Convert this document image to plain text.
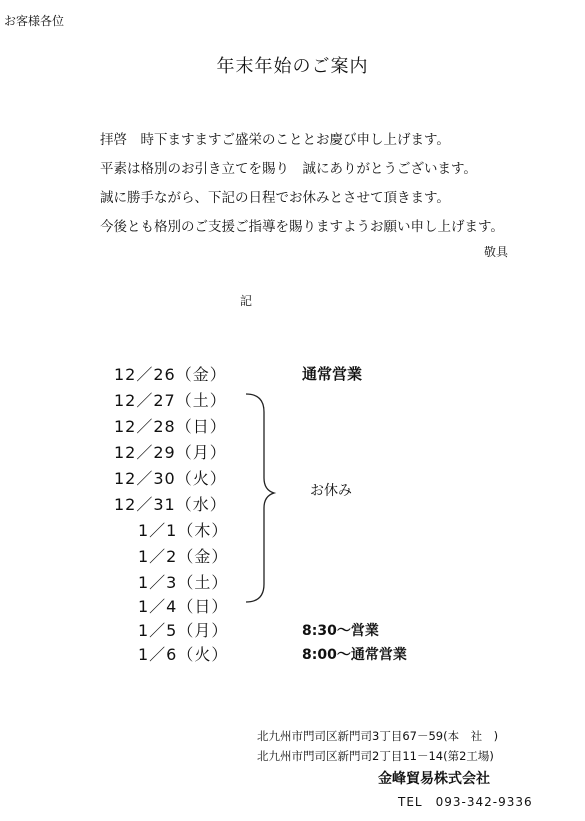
お客様各位
年末年始のご案内
拝啓　時下ますますご盛栄のこととお慶び申し上げます。
平素は格別のお引き立てを賜り　誠にありがとうございます。
誠に勝手ながら、下記の日程でお休みとさせて頂きます。
今後とも格別のご支援ご指導を賜りますようお願い申し上げます。
敬具
記
12／26（金）
12／27（土）
12／28（日）
12／29（月）
12／30（火）
12／31（水）
1／1（木）
1／2（金）
1／3（土）
1／4（日）
1／5（月）
1／6（火）
通常営業
お休み
8:30～営業
8:00～通常営業
北九州市門司区新門司3丁目67－59(本　社　)
北九州市門司区新門司2丁目11－14(第2工場)
金峰貿易株式会社
TEL　093-342-9336
